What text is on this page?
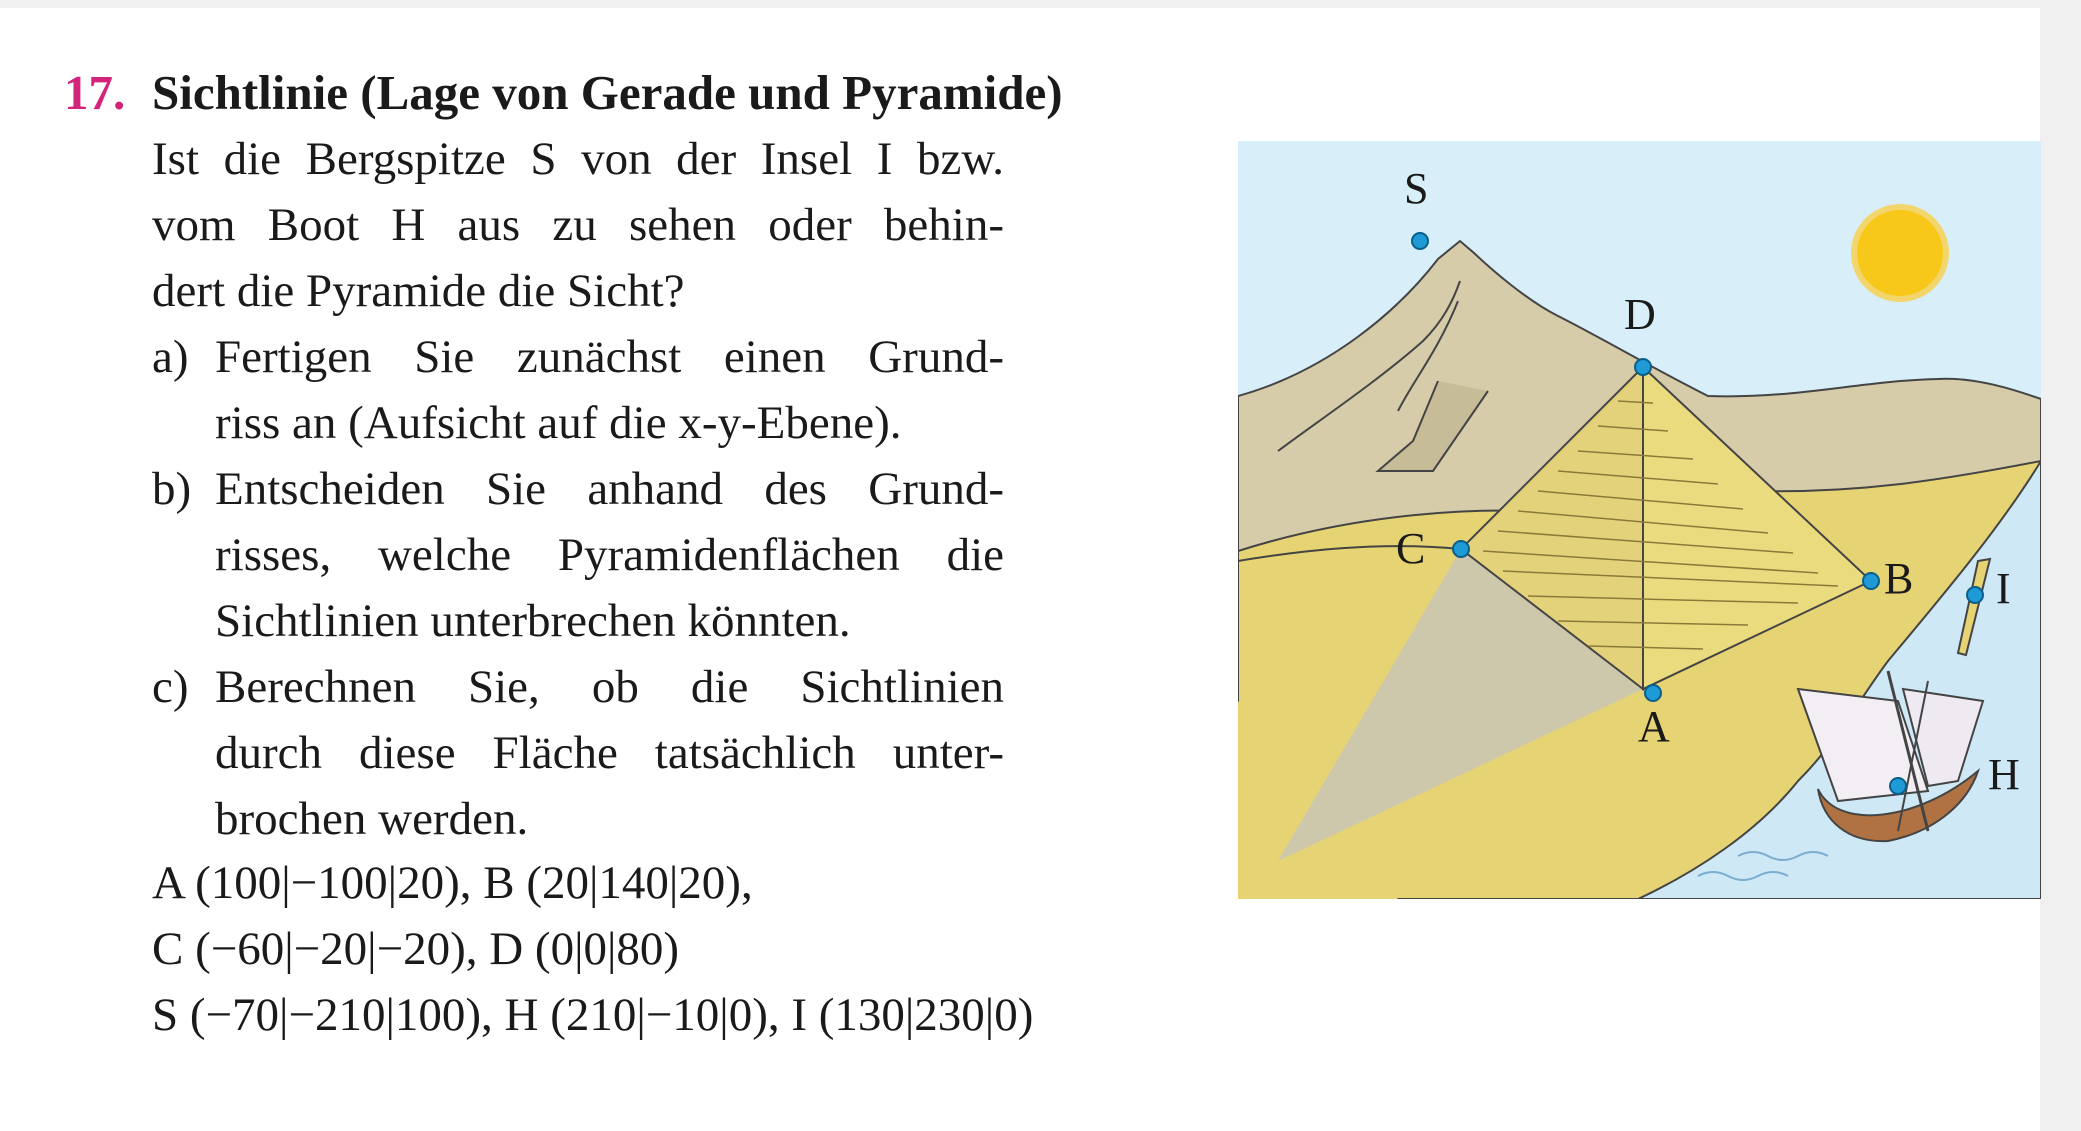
17. Sichtlinie (Lage von Gerade und Pyramide)
Ist die Bergspitze S von der Insel I bzw.
vom Boot H aus zu sehen oder behin-
dert die Pyramide die Sicht?
a) Fertigen Sie zunächst einen Grund-
riss an (Aufsicht auf die x-y-Ebene).
b) Entscheiden Sie anhand des Grund-
risses, welche Pyramidenflächen die
Sichtlinien unterbrechen könnten.
c) Berechnen Sie, ob die Sichtlinien
durch diese Fläche tatsächlich unter-
brochen werden.
A (100|−100|20), B (20|140|20),
C (−60|−20|−20), D (0|0|80)
S (−70|−210|100), H (210|−10|0), I (130|230|0)
S
D
C
B
A
I
H
